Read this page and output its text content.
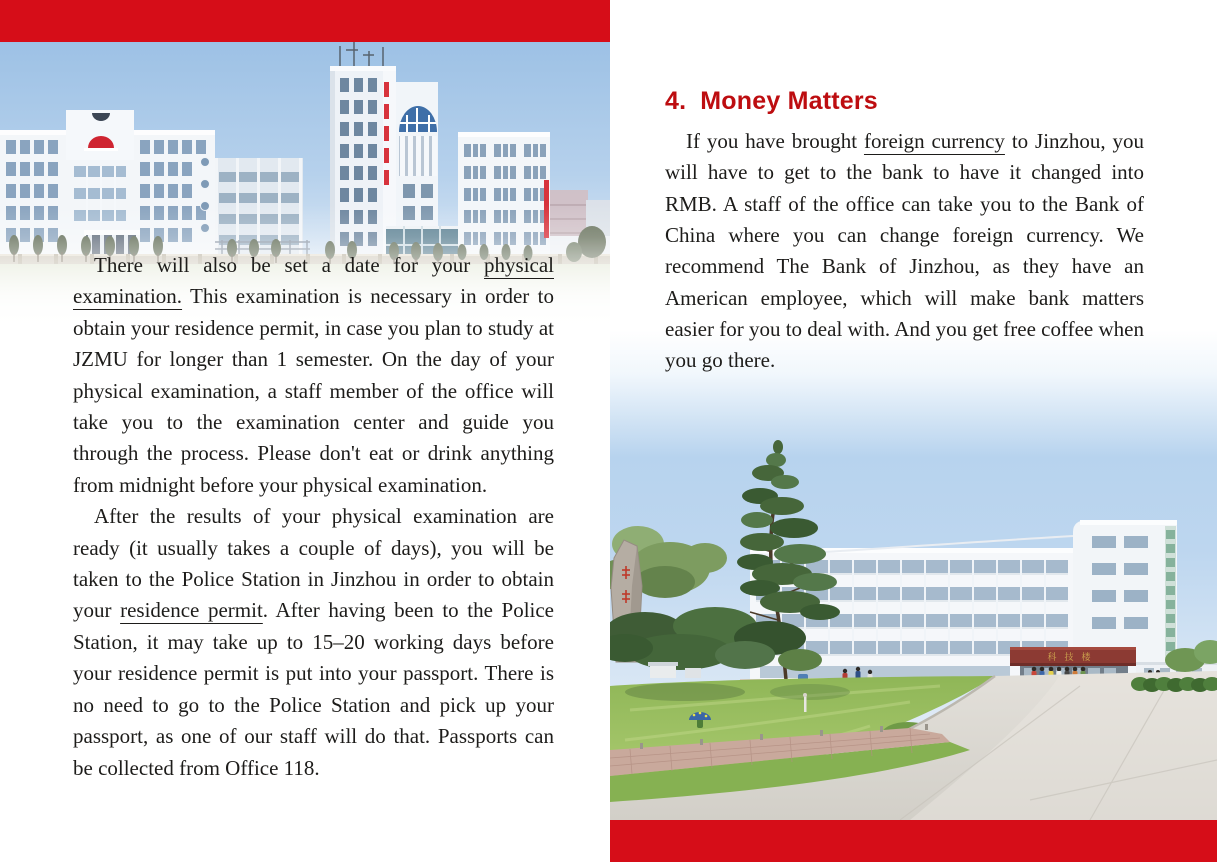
There will also be set a date for your physical examination. This examination is necessary in order to obtain your residence permit, in case you plan to study at JZMU for longer than 1 semester. On the day of your physical examination, a staff member of the office will take you to the examination center and guide you through the process. Please don't eat or drink anything from midnight before your physical examination.

After the results of your physical examination are ready (it usually takes a couple of days), you will be taken to the Police Station in Jinzhou in order to obtain your residence permit. After having been to the Police Station, it may take up to 15–20 working days before your residence permit is put into your passport. There is no need to go to the Police Station and pick up your passport, as one of our staff will do that. Passports can be collected from Office 118.

4. Money Matters

If you have brought foreign currency to Jinzhou, you will have to get to the bank to have it changed into RMB. A staff of the office can take you to the Bank of China where you can change foreign currency. We recommend The Bank of Jinzhou, as they have an American employee, which will make bank matters easier for you to deal with. And you get free coffee when you go there.

科技楼
